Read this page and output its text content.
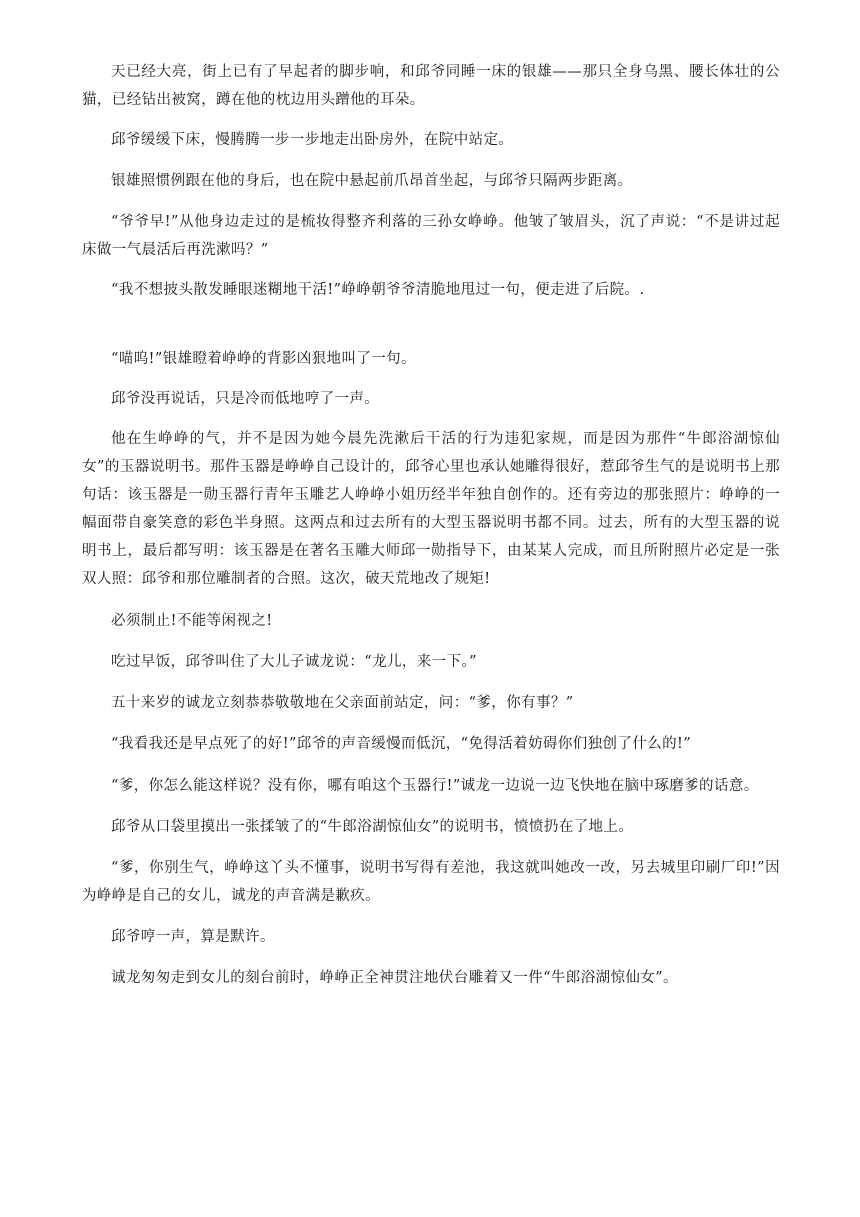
天已经大亮，街上已有了早起者的脚步响，和邱爷同睡一床的银雄——那只全身乌黑、腰长体壮的公猫，已经钻出被窝，蹲在他的枕边用头蹭他的耳朵。

邱爷缓缓下床，慢腾腾一步一步地走出卧房外，在院中站定。

银雄照惯例跟在他的身后，也在院中悬起前爪昂首坐起，与邱爷只隔两步距离。

“爷爷早!”从他身边走过的是梳妆得整齐利落的三孙女峥峥。他皱了皱眉头，沉了声说：“不是讲过起床做一气晨活后再洗漱吗？”

“我不想披头散发睡眼迷糊地干活!”峥峥朝爷爷清脆地甩过一句，便走进了后院。.

“喵呜!”银雄瞪着峥峥的背影凶狠地叫了一句。

邱爷没再说话，只是冷而低地哼了一声。

他在生峥峥的气，并不是因为她今晨先洗漱后干活的行为违犯家规，而是因为那件“牛郎浴湖惊仙女”的玉器说明书。那件玉器是峥峥自己设计的，邱爷心里也承认她雕得很好，惹邱爷生气的是说明书上那句话：该玉器是一勋玉器行青年玉雕艺人峥峥小姐历经半年独自创作的。还有旁边的那张照片：峥峥的一幅面带自豪笑意的彩色半身照。这两点和过去所有的大型玉器说明书都不同。过去，所有的大型玉器的说明书上，最后都写明：该玉器是在著名玉雕大师邱一勋指导下，由某某人完成，而且所附照片必定是一张双人照：邱爷和那位雕制者的合照。这次，破天荒地改了规矩!

必须制止!不能等闲视之!

吃过早饭，邱爷叫住了大儿子诚龙说：“龙儿，来一下。”

五十来岁的诚龙立刻恭恭敬敬地在父亲面前站定，问：“爹，你有事？”

“我看我还是早点死了的好!”邱爷的声音缓慢而低沉，“免得活着妨碍你们独创了什么的!”

“爹，你怎么能这样说？没有你，哪有咱这个玉器行!”诚龙一边说一边飞快地在脑中琢磨爹的话意。

邱爷从口袋里摸出一张揉皱了的“牛郎浴湖惊仙女”的说明书，愤愤扔在了地上。

“爹，你别生气，峥峥这丫头不懂事，说明书写得有差池，我这就叫她改一改，另去城里印刷厂印!”因为峥峥是自己的女儿，诚龙的声音满是歉疚。

邱爷哼一声，算是默许。

诚龙匆匆走到女儿的刻台前时，峥峥正全神贯注地伏台雕着又一件“牛郎浴湖惊仙女”。
